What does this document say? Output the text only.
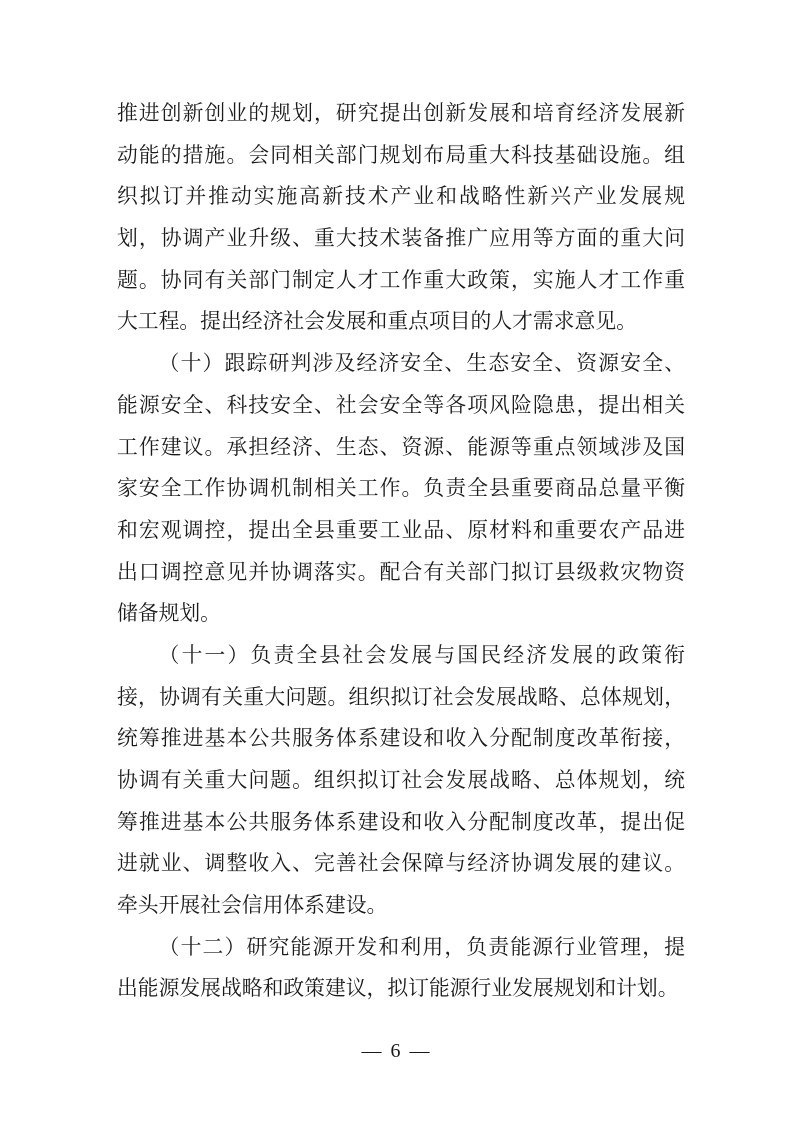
推进创新创业的规划，研究提出创新发展和培育经济发展新
动能的措施。会同相关部门规划布局重大科技基础设施。组
织拟订并推动实施高新技术产业和战略性新兴产业发展规
划，协调产业升级、重大技术装备推广应用等方面的重大问
题。协同有关部门制定人才工作重大政策，实施人才工作重
大工程。提出经济社会发展和重点项目的人才需求意见。
（十）跟踪研判涉及经济安全、生态安全、资源安全、
能源安全、科技安全、社会安全等各项风险隐患，提出相关
工作建议。承担经济、生态、资源、能源等重点领域涉及国
家安全工作协调机制相关工作。负责全县重要商品总量平衡
和宏观调控，提出全县重要工业品、原材料和重要农产品进
出口调控意见并协调落实。配合有关部门拟订县级救灾物资
储备规划。
（十一）负责全县社会发展与国民经济发展的政策衔
接，协调有关重大问题。组织拟订社会发展战略、总体规划，
统筹推进基本公共服务体系建设和收入分配制度改革衔接，
协调有关重大问题。组织拟订社会发展战略、总体规划，统
筹推进基本公共服务体系建设和收入分配制度改革，提出促
进就业、调整收入、完善社会保障与经济协调发展的建议。
牵头开展社会信用体系建设。
（十二）研究能源开发和利用，负责能源行业管理，提
出能源发展战略和政策建议，拟订能源行业发展规划和计划。
— 6 —
